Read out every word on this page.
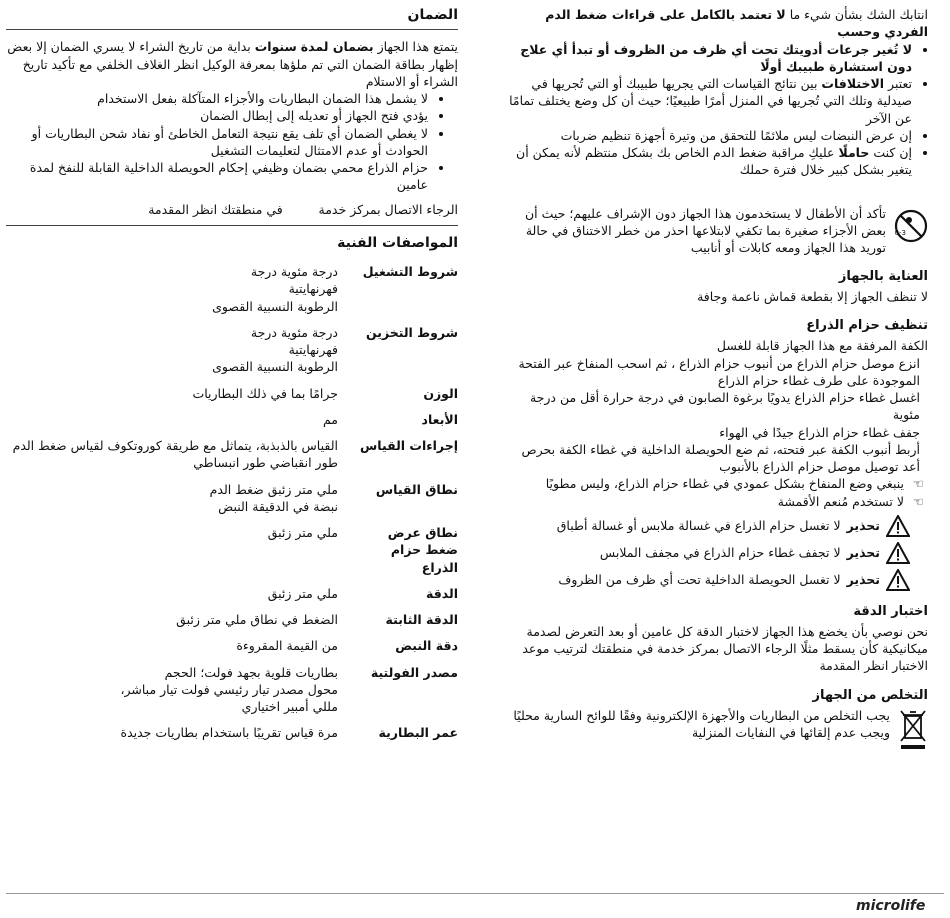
انتابك الشك بشأن شيء ما لا تعتمد بالكامل على قراءات ضغط الدم الفردي وحسب

• لا تُغير جرعات أدويتك تحت أي ظرف من الظروف أو تبدأ أي علاج دون استشارة طبيبك أولًا
• تعتبر الاختلافات بين نتائج القياسات التي يجريها طبيبك أو التي تُجريها في صيدلية وتلك التي تُجريها في المنزل أمرًا طبيعيًا؛ حيث أن كل وضع يختلف تمامًا عن الآخر
• إن عرض النبضات ليس ملائمًا للتحقق من وتيرة أجهزة تنظيم ضربات
• إن كنت حاملًا عليكِ مراقبة ضغط الدم الخاص بك بشكل منتظم لأنه يمكن أن يتغير بشكل كبير خلال فترة حملك
0-3

تأكد أن الأطفال لا يستخدمون هذا الجهاز دون الإشراف عليهم؛ حيث أن بعض الأجزاء صغيرة بما تكفي لابتلاعها احذر من خطر الاختناق في حالة توريد هذا الجهاز ومعه كابلات أو أنابيب

العناية بالجهاز

لا تنظف الجهاز إلا بقطعة قماش ناعمة وجافة

تنظيف حزام الذراع

الكفة المرفقة مع هذا الجهاز قابلة للغسل

انزع موصل حزام الذراع من أنبوب حزام الذراع ، ثم اسحب المنفاخ عبر الفتحة الموجودة على طرف غطاء حزام الذراع

اغسل غطاء حزام الذراع يدويًا برغوة الصابون في درجة حرارة أقل من درجة مئوية

جفف غطاء حزام الذراع جيدًا في الهواء

أربط أنبوب الكفة عبر فتحته، ثم ضع الحويصلة الداخلية في غطاء الكفة بحرص

أعد توصيل موصل حزام الذراع بالأنبوب

☜
ينبغي وضع المنفاخ بشكل عمودي في غطاء حزام الذراع، وليس مطويًا
☜
لا تستخدم مُنعم الأقمشة
تحذير
لا تغسل حزام الذراع في غسالة ملابس أو غسالة أطباق
تحذير
لا تجفف غطاء حزام الذراع في مجفف الملابس
تحذير
لا تغسل الحويصلة الداخلية تحت أي ظرف من الظروف

اختبار الدقة

نحن نوصي بأن يخضع هذا الجهاز لاختبار الدقة كل عامين أو بعد التعرض لصدمة ميكانيكية كأن يسقط مثلًا الرجاء الاتصال بمركز خدمة في منطقتك لترتيب موعد الاختبار انظر المقدمة

التخلص من الجهاز

يجب التخلص من البطاريات والأجهزة الإلكترونية وفقًا للوائح السارية محليًا ويجب عدم إلقائها في النفايات المنزلية

الضمان

يتمتع هذا الجهاز بضمان لمدة سنوات بداية من تاريخ الشراء لا يسري الضمان إلا بعض إظهار بطاقة الضمان التي تم ملؤها بمعرفة الوكيل انظر الغلاف الخلفي مع تأكيد تاريخ الشراء أو الاستلام

• لا يشمل هذا الضمان البطاريات والأجزاء المتآكلة بفعل الاستخدام
• يؤدي فتح الجهاز أو تعديله إلى إبطال الضمان
• لا يغطي الضمان أي تلف يقع نتيجة التعامل الخاطئ أو نفاد شحن البطاريات أو الحوادث أو عدم الامتثال لتعليمات التشغيل
• حزام الذراع محمي بضمان وظيفي إحكام الحويصلة الداخلية القابلة للنفخ لمدة عامين

الرجاء الاتصال بمركز خدمة         في منطقتك انظر المقدمة

المواصفات الفنية

شروط التشغيل
درجة مئوية درجة
فهرنهايتية
الرطوبة النسبية القصوى
شروط التخزين
درجة مئوية درجة
فهرنهايتية
الرطوبة النسبية القصوى
الوزن
جرامًا بما في ذلك البطاريات
الأبعاد
مم
إجراءات القياس
القياس بالذبذبة، يتماثل مع طريقة كوروتكوف لقياس ضغط الدم طور انقباضي طور انبساطي
نطاق القياس
ملي متر زئبق ضغط الدم
نبضة في الدقيقة النبض
نطاق عرض ضغط حزام الذراع
ملي متر زئبق
الدقة
ملي متر زئبق
الدقة الثابتة
الضغط في نطاق ملي متر زئبق
دقة النبض
من القيمة المقروءة
مصدر الفولتية
بطاريات قلوية بجهد فولت؛ الحجم
محول مصدر تيار رئيسي فولت تيار مباشر،
مللي أمبير اختياري
عمر البطارية
مرة قياس تقريبًا باستخدام بطاريات جديدة
microlife
